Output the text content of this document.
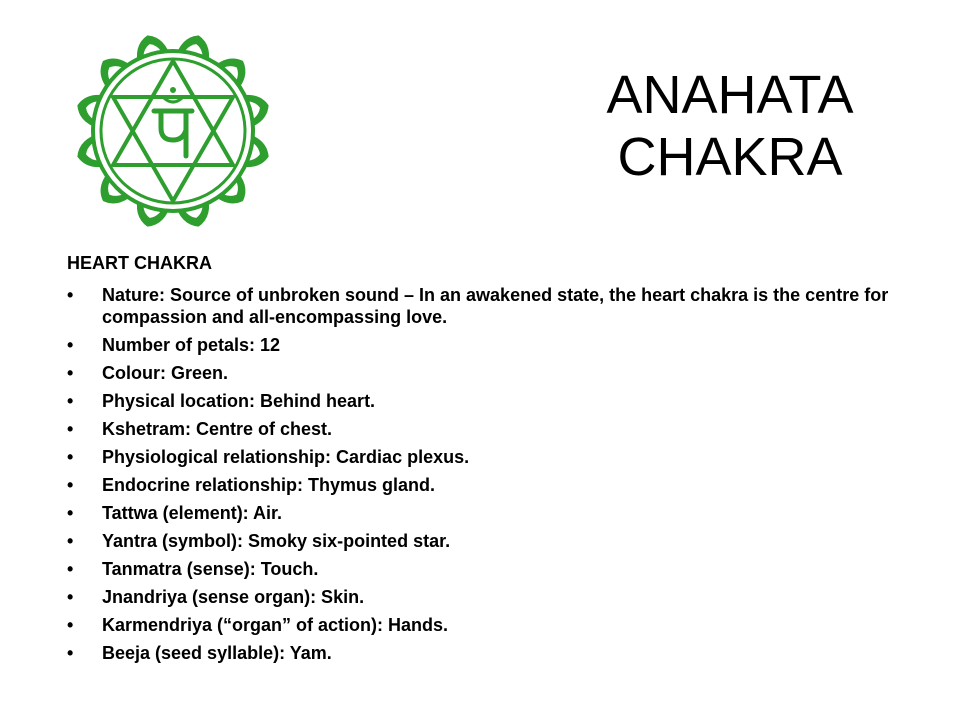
ANAHATA
CHAKRA
HEART CHAKRA
• Nature: Source of unbroken sound – In an awakened state, the heart chakra is the centre for compassion and all-encompassing love.
• Number of petals: 12
• Colour: Green.
• Physical location: Behind heart.
• Kshetram: Centre of chest.
• Physiological relationship: Cardiac plexus.
• Endocrine relationship: Thymus gland.
• Tattwa (element): Air.
• Yantra (symbol): Smoky six-pointed star.
• Tanmatra (sense): Touch.
• Jnandriya (sense organ): Skin.
• Karmendriya (“organ” of action): Hands.
• Beeja (seed syllable): Yam.
